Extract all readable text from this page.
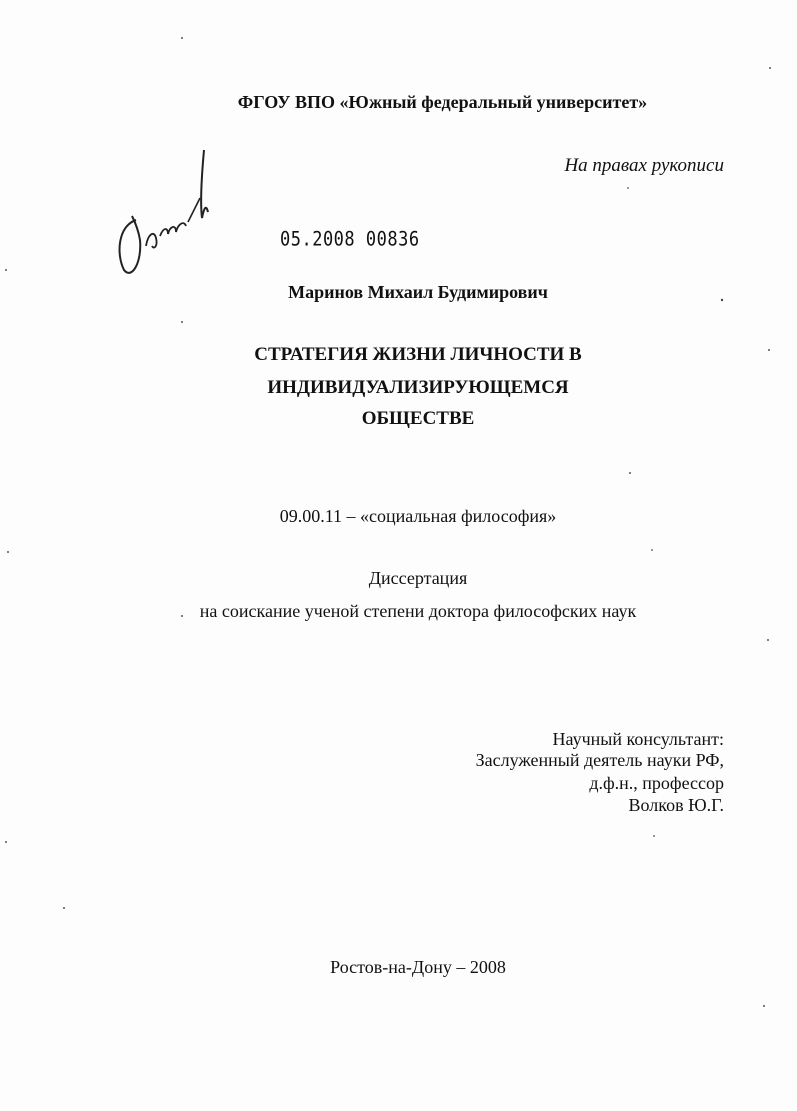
ФГОУ ВПО «Южный федеральный университет»
На правах рукописи
05.2008 00836
Маринов Михаил Будимирович
СТРАТЕГИЯ ЖИЗНИ ЛИЧНОСТИ В
ИНДИВИДУАЛИЗИРУЮЩЕМСЯ
ОБЩЕСТВЕ
09.00.11 – «социальная философия»
Диссертация
на соискание ученой степени доктора философских наук
Научный консультант:
Заслуженный деятель науки РФ,
д.ф.н., профессор
Волков Ю.Г.
Ростов-на-Дону – 2008
